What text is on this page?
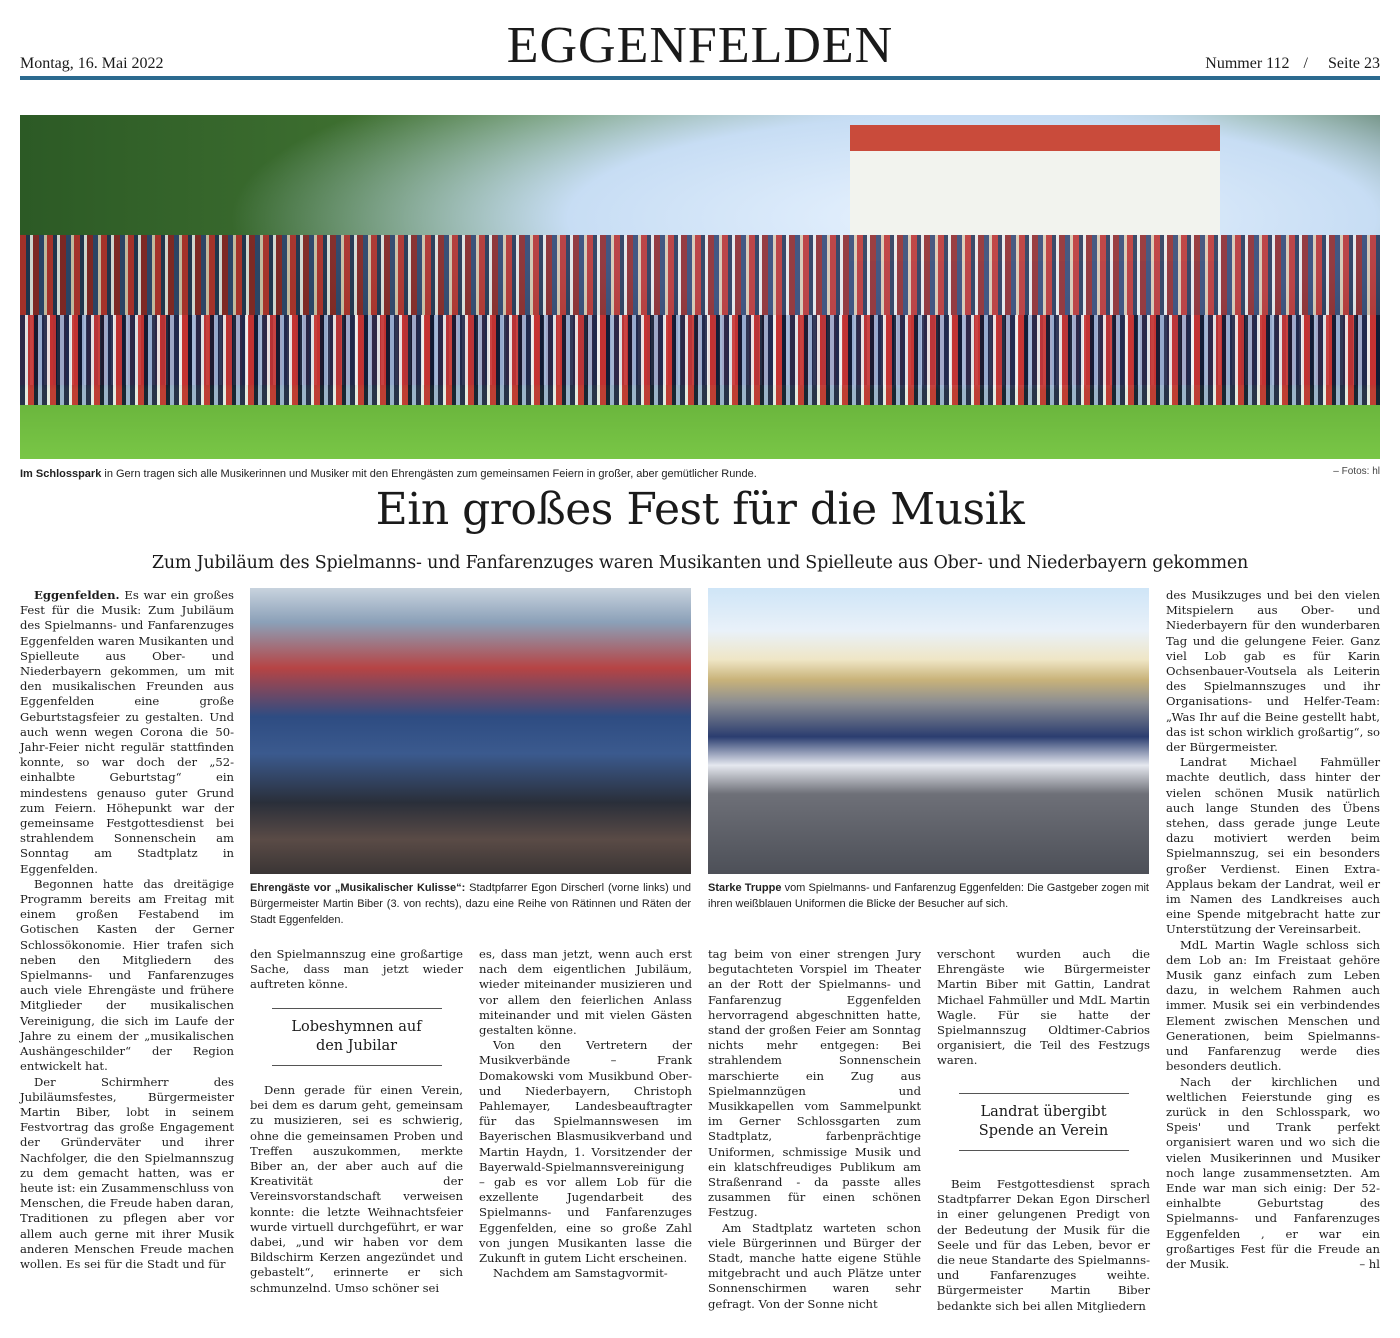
Montag, 16. Mai 2022	EGGENFELDEN	Nummer 112 / Seite 23
Im Schlosspark in Gern tragen sich alle Musikerinnen und Musiker mit den Ehrengästen zum gemeinsamen Feiern in großer, aber gemütlicher Runde.	– Fotos: hl
Ein großes Fest für die Musik
Zum Jubiläum des Spielmanns- und Fanfarenzuges waren Musikanten und Spielleute aus Ober- und Niederbayern gekommen

Eggenfelden. Es war ein großes Fest für die Musik: Zum Jubiläum des Spielmanns- und Fanfarenzuges Eggenfelden waren Musikanten und Spielleute aus Ober- und Niederbayern gekommen, um mit den musikalischen Freunden aus Eggenfelden eine große Geburtstagsfeier zu gestalten. Und auch wenn wegen Corona die 50-Jahr-Feier nicht regulär stattfinden konnte, so war doch der „52-einhalbte Geburtstag“ ein mindestens genauso guter Grund zum Feiern. Höhepunkt war der gemeinsame Festgottesdienst bei strahlendem Sonnenschein am Sonntag am Stadtplatz in Eggenfelden.

Begonnen hatte das dreitägige Programm bereits am Freitag mit einem großen Festabend im Gotischen Kasten der Gerner Schlossökonomie. Hier trafen sich neben den Mitgliedern des Spielmanns- und Fanfarenzuges auch viele Ehrengäste und frühere Mitglieder der musikalischen Vereinigung, die sich im Laufe der Jahre zu einem der „musikalischen Aushängeschilder“ der Region entwickelt hat.

Der Schirmherr des Jubiläumsfestes, Bürgermeister Martin Biber, lobt in seinem Festvortrag das große Engagement der Gründerväter und ihrer Nachfolger, die den Spielmannszug zu dem gemacht hatten, was er heute ist: ein Zusammenschluss von Menschen, die Freude haben daran, Traditionen zu pflegen aber vor allem auch gerne mit ihrer Musik anderen Menschen Freude machen wollen. Es sei für die Stadt und für

Ehrengäste vor „Musikalischer Kulisse“: Stadtpfarrer Egon Dirscherl (vorne links) und Bürgermeister Martin Biber (3. von rechts), dazu eine Reihe von Rätinnen und Räten der Stadt Eggenfelden.
Starke Truppe vom Spielmanns- und Fanfarenzug Eggenfelden: Die Gastgeber zogen mit ihren weißblauen Uniformen die Blicke der Besucher auf sich.

den Spielmannszug eine großartige Sache, dass man jetzt wieder auftreten könne.

Lobeshymnen auf
den Jubilar

Denn gerade für einen Verein, bei dem es darum geht, gemeinsam zu musizieren, sei es schwierig, ohne die gemeinsamen Proben und Treffen auszukommen, merkte Biber an, der aber auch auf die Kreativität der Vereinsvorstandschaft verweisen konnte: die letzte Weihnachtsfeier wurde virtuell durchgeführt, er war dabei, „und wir haben vor dem Bildschirm Kerzen angezündet und gebastelt“, erinnerte er sich schmunzelnd. Umso schöner sei

es, dass man jetzt, wenn auch erst nach dem eigentlichen Jubiläum, wieder miteinander musizieren und vor allem den feierlichen Anlass miteinander und mit vielen Gästen gestalten könne.

Von den Vertretern der Musikverbände – Frank Domakowski vom Musikbund Ober- und Niederbayern, Christoph Pahlemayer, Landesbeauftragter für das Spielmannswesen im Bayerischen Blasmusikverband und Martin Haydn, 1. Vorsitzender der Bayerwald-Spielmannsvereinigung – gab es vor allem Lob für die exzellente Jugendarbeit des Spielmanns- und Fanfarenzuges Eggenfelden, eine so große Zahl von jungen Musikanten lasse die Zukunft in gutem Licht erscheinen.

Nachdem am Samstagvormit-

tag beim von einer strengen Jury begutachteten Vorspiel im Theater an der Rott der Spielmanns- und Fanfarenzug Eggenfelden hervorragend abgeschnitten hatte, stand der großen Feier am Sonntag nichts mehr entgegen: Bei strahlendem Sonnenschein marschierte ein Zug aus Spielmannzügen und Musikkapellen vom Sammelpunkt im Gerner Schlossgarten zum Stadtplatz, farbenprächtige Uniformen, schmissige Musik und ein klatschfreudiges Publikum am Straßenrand - da passte alles zusammen für einen schönen Festzug.

Am Stadtplatz warteten schon viele Bürgerinnen und Bürger der Stadt, manche hatte eigene Stühle mitgebracht und auch Plätze unter Sonnenschirmen waren sehr gefragt. Von der Sonne nicht

verschont wurden auch die Ehrengäste wie Bürgermeister Martin Biber mit Gattin, Landrat Michael Fahmüller und MdL Martin Wagle. Für sie hatte der Spielmannszug Oldtimer-Cabrios organisiert, die Teil des Festzugs waren.

Landrat übergibt
Spende an Verein

Beim Festgottesdienst sprach Stadtpfarrer Dekan Egon Dirscherl in einer gelungenen Predigt von der Bedeutung der Musik für die Seele und für das Leben, bevor er die neue Standarte des Spielmanns- und Fanfarenzuges weihte. Bürgermeister Martin Biber bedankte sich bei allen Mitgliedern

des Musikzuges und bei den vielen Mitspielern aus Ober- und Niederbayern für den wunderbaren Tag und die gelungene Feier. Ganz viel Lob gab es für Karin Ochsenbauer-Voutsela als Leiterin des Spielmannszuges und ihr Organisations- und Helfer-Team: „Was Ihr auf die Beine gestellt habt, das ist schon wirklich großartig“, so der Bürgermeister.

Landrat Michael Fahmüller machte deutlich, dass hinter der vielen schönen Musik natürlich auch lange Stunden des Übens stehen, dass gerade junge Leute dazu motiviert werden beim Spielmannszug, sei ein besonders großer Verdienst. Einen Extra-Applaus bekam der Landrat, weil er im Namen des Landkreises auch eine Spende mitgebracht hatte zur Unterstützung der Vereinsarbeit.

MdL Martin Wagle schloss sich dem Lob an: Im Freistaat gehöre Musik ganz einfach zum Leben dazu, in welchem Rahmen auch immer. Musik sei ein verbindendes Element zwischen Menschen und Generationen, beim Spielmanns- und Fanfarenzug werde dies besonders deutlich.

Nach der kirchlichen und weltlichen Feierstunde ging es zurück in den Schlosspark, wo Speis' und Trank perfekt organisiert waren und wo sich die vielen Musikerinnen und Musiker noch lange zusammensetzten. Am Ende war man sich einig: Der 52-einhalbte Geburtstag des Spielmanns- und Fanfarenzuges Eggenfelden , er war ein großartiges Fest für die Freude an der Musik.	– hl
